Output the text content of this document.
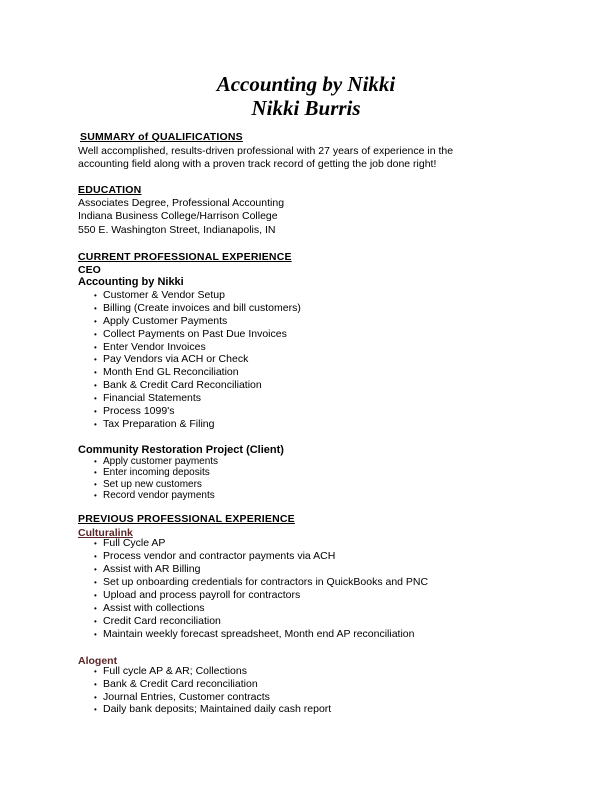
Accounting by Nikki
Nikki Burris
SUMMARY of QUALIFICATIONS
Well accomplished, results-driven professional with 27 years of experience in the
accounting field along with a proven track record of getting the job done right!
EDUCATION
Associates Degree, Professional Accounting
Indiana Business College/Harrison College
550 E. Washington Street, Indianapolis, IN
CURRENT PROFESSIONAL EXPERIENCE
CEO
Accounting by Nikki
• Customer & Vendor Setup
• Billing (Create invoices and bill customers)
• Apply Customer Payments
• Collect Payments on Past Due Invoices
• Enter Vendor Invoices
• Pay Vendors via ACH or Check
• Month End GL Reconciliation
• Bank & Credit Card Reconciliation
• Financial Statements
• Process 1099's
• Tax Preparation & Filing
Community Restoration Project (Client)
• Apply customer payments
• Enter incoming deposits
• Set up new customers
• Record vendor payments
PREVIOUS PROFESSIONAL EXPERIENCE
Culturalink
• Full Cycle AP
• Process vendor and contractor payments via ACH
• Assist with AR Billing
• Set up onboarding credentials for contractors in QuickBooks and PNC
• Upload and process payroll for contractors
• Assist with collections
• Credit Card reconciliation
• Maintain weekly forecast spreadsheet, Month end AP reconciliation
Alogent
• Full cycle AP & AR; Collections
• Bank & Credit Card reconciliation
• Journal Entries, Customer contracts
• Daily bank deposits; Maintained daily cash report
